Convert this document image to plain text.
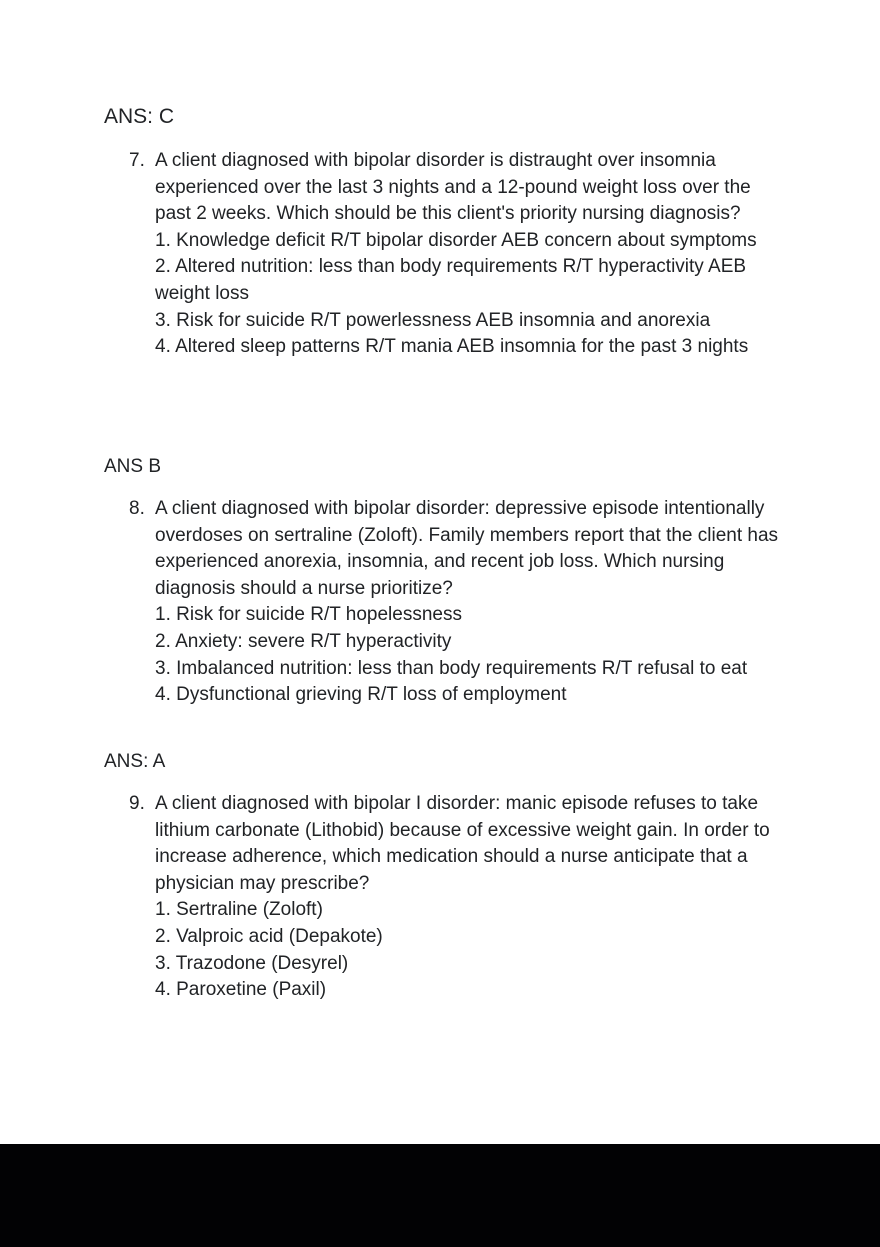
ANS: C
7. A client diagnosed with bipolar disorder is distraught over insomnia experienced over the last 3 nights and a 12-pound weight loss over the past 2 weeks. Which should be this client's priority nursing diagnosis?

1. Knowledge deficit R/T bipolar disorder AEB concern about symptoms

2. Altered nutrition: less than body requirements R/T hyperactivity AEB weight loss

3. Risk for suicide R/T powerlessness AEB insomnia and anorexia

4. Altered sleep patterns R/T mania AEB insomnia for the past 3 nights

ANS B
8. A client diagnosed with bipolar disorder: depressive episode intentionally overdoses on sertraline (Zoloft). Family members report that the client has experienced anorexia, insomnia, and recent job loss. Which nursing diagnosis should a nurse prioritize?

1. Risk for suicide R/T hopelessness

2. Anxiety: severe R/T hyperactivity

3. Imbalanced nutrition: less than body requirements R/T refusal to eat

4. Dysfunctional grieving R/T loss of employment

ANS: A
9. A client diagnosed with bipolar I disorder: manic episode refuses to take lithium carbonate (Lithobid) because of excessive weight gain. In order to increase adherence, which medication should a nurse anticipate that a physician may prescribe?

1. Sertraline (Zoloft)

2. Valproic acid (Depakote)

3. Trazodone (Desyrel)

4. Paroxetine (Paxil)
